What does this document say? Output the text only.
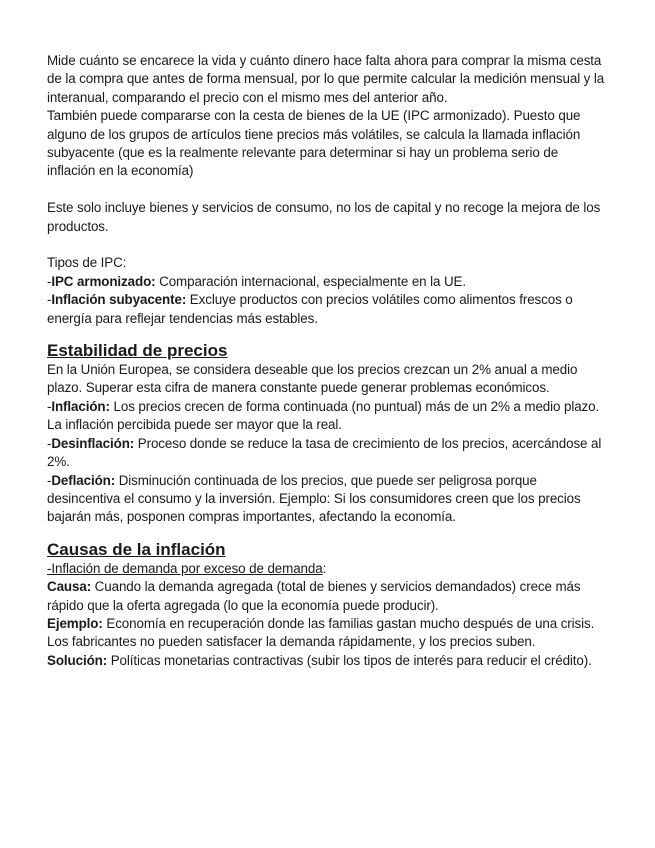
Mide cuánto se encarece la vida y cuánto dinero hace falta ahora para comprar la misma cesta de la compra que antes de forma mensual, por lo que permite calcular la medición mensual y la interanual, comparando el precio con el mismo mes del anterior año.

También puede compararse con la cesta de bienes de la UE (IPC armonizado). Puesto que alguno de los grupos de artículos tiene precios más volátiles, se calcula la llamada inflación subyacente (que es la realmente relevante para determinar si hay un problema serio de inflación en la economía)

Este solo incluye bienes y servicios de consumo, no los de capital y no recoge la mejora de los productos.

Tipos de IPC:

-IPC armonizado: Comparación internacional, especialmente en la UE.

-Inflación subyacente: Excluye productos con precios volátiles como alimentos frescos o energía para reflejar tendencias más estables.

Estabilidad de precios

En la Unión Europea, se considera deseable que los precios crezcan un 2% anual a medio plazo. Superar esta cifra de manera constante puede generar problemas económicos.

-Inflación: Los precios crecen de forma continuada (no puntual) más de un 2% a medio plazo. La inflación percibida puede ser mayor que la real.

-Desinflación: Proceso donde se reduce la tasa de crecimiento de los precios, acercándose al 2%.

-Deflación: Disminución continuada de los precios, que puede ser peligrosa porque desincentiva el consumo y la inversión. Ejemplo: Si los consumidores creen que los precios bajarán más, posponen compras importantes, afectando la economía.

Causas de la inflación

-Inflación de demanda por exceso de demanda:

Causa: Cuando la demanda agregada (total de bienes y servicios demandados) crece más rápido que la oferta agregada (lo que la economía puede producir).

Ejemplo: Economía en recuperación donde las familias gastan mucho después de una crisis. Los fabricantes no pueden satisfacer la demanda rápidamente, y los precios suben.

Solución: Políticas monetarias contractivas (subir los tipos de interés para reducir el crédito).
